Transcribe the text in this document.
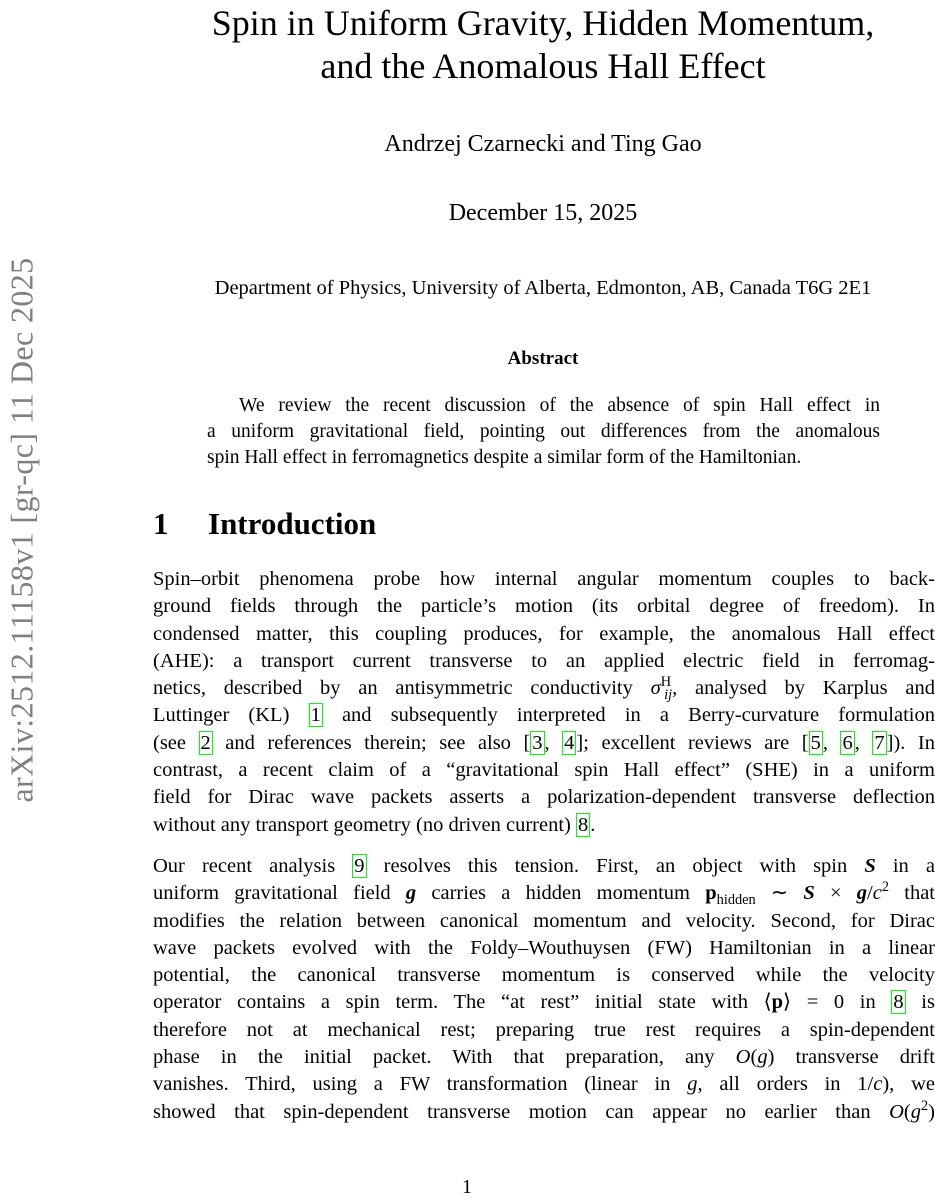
arXiv:2512.11158v1 [gr-qc] 11 Dec 2025
Spin in Uniform Gravity, Hidden Momentum,
and the Anomalous Hall Effect
Andrzej Czarnecki and Ting Gao
December 15, 2025
Department of Physics, University of Alberta, Edmonton, AB, Canada T6G 2E1
Abstract
We review the recent discussion of the absence of spin Hall effect in
a uniform gravitational field, pointing out differences from the anomalous
spin Hall effect in ferromagnetics despite a similar form of the Hamiltonian.
1 Introduction
Spin–orbit phenomena probe how internal angular momentum couples to back-
ground fields through the particle’s motion (its orbital degree of freedom). In
condensed matter, this coupling produces, for example, the anomalous Hall effect
(AHE): a transport current transverse to an applied electric field in ferromag-
netics, described by an antisymmetric conductivity $\sigma^H_{ij}$, analysed by Karplus and
Luttinger (KL) 1 and subsequently interpreted in a Berry-curvature formulation
(see 2 and references therein; see also [3, 4]; excellent reviews are [5, 6, 7]). In
contrast, a recent claim of a “gravitational spin Hall effect” (SHE) in a uniform
field for Dirac wave packets asserts a polarization-dependent transverse deflection
without any transport geometry (no driven current) 8.
Our recent analysis 9 resolves this tension. First, an object with spin S in a
uniform gravitational field g carries a hidden momentum $p_{hidden}$ ∼ $S \times g/c^2$ that
modifies the relation between canonical momentum and velocity. Second, for Dirac
wave packets evolved with the Foldy–Wouthuysen (FW) Hamiltonian in a linear
potential, the canonical transverse momentum is conserved while the velocity
operator contains a spin term. The “at rest” initial state with ⟨p⟩ = 0 in 8 is
therefore not at mechanical rest; preparing true rest requires a spin-dependent
phase in the initial packet. With that preparation, any O(g) transverse drift
vanishes. Third, using a FW transformation (linear in g, all orders in 1/c), we
showed that spin-dependent transverse motion can appear no earlier than $O(g^2)$
1
